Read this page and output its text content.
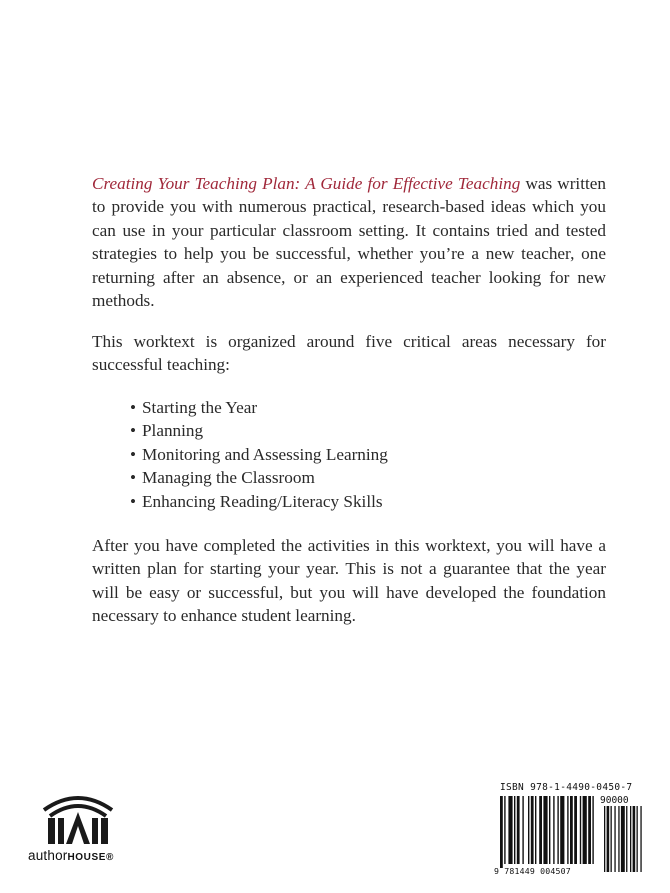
Creating Your Teaching Plan: A Guide for Effective Teaching was written to provide you with numerous practical, research-based ideas which you can use in your particular classroom setting. It contains tried and tested strategies to help you be successful, whether you’re a new teacher, one returning after an absence, or an experienced teacher looking for new methods.

This worktext is organized around five critical areas necessary for successful teaching:

• Starting the Year
• Planning
• Monitoring and Assessing Learning
• Managing the Classroom
• Enhancing Reading/Literacy Skills

After you have completed the activities in this worktext, you will have a written plan for starting your year. This is not a guarantee that the year will be easy or successful, but you will have developed the foundation necessary to enhance student learning.

authorHOUSE®
ISBN 978-1-4490-0450-7
90000
9 781449 004507
